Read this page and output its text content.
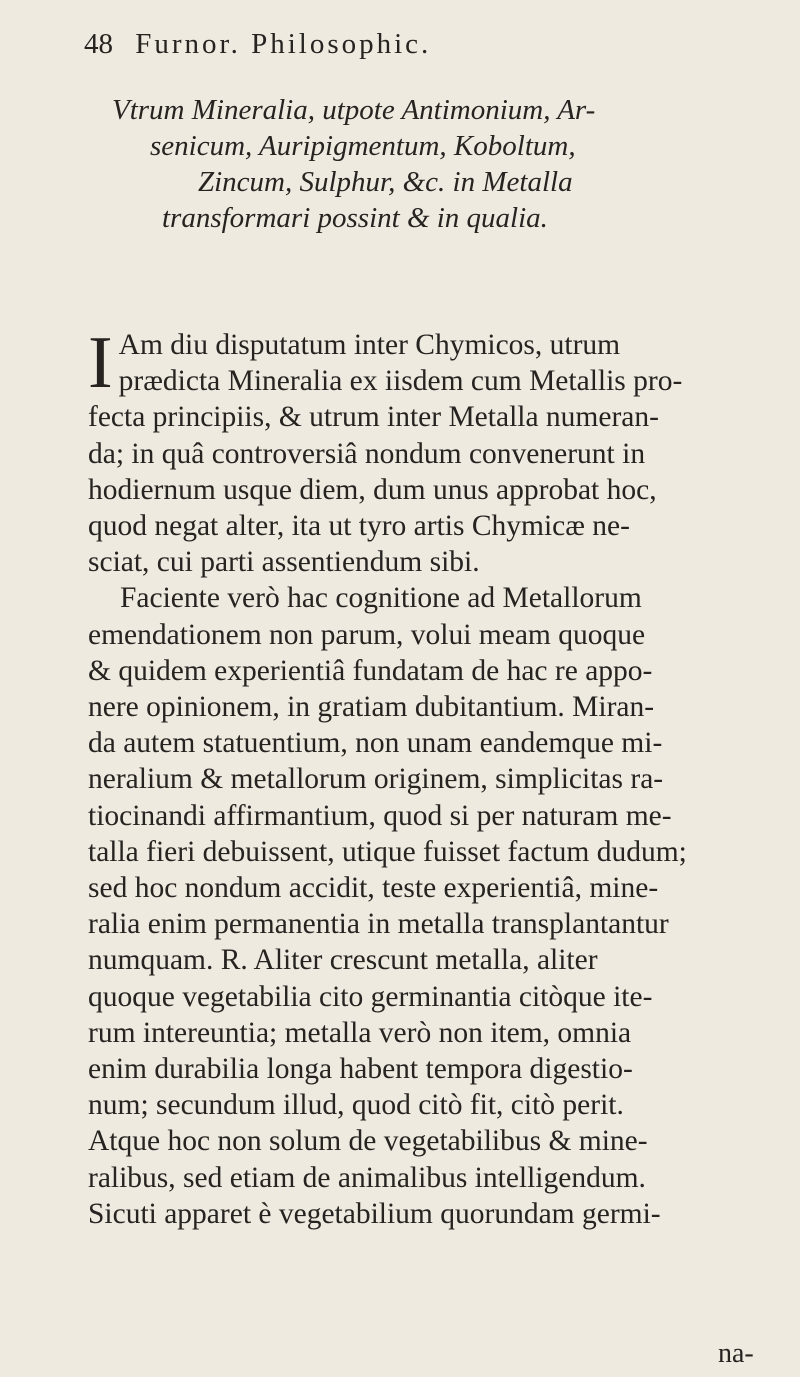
48 Furnor. Philosophic.
Vtrum Mineralia, utpote Antimonium, Ar-
senicum, Auripigmentum, Koboltum,
Zincum, Sulphur, &c. in Metalla
transformari possint & in qualia.
I Am diu disputatum inter Chymicos, utrum
prædicta Mineralia ex iisdem cum Metallis pro-
fecta principiis, & utrum inter Metalla numeran-
da; in quâ controversiâ nondum convenerunt in
hodiernum usque diem, dum unus approbat hoc,
quod negat alter, ita ut tyro artis Chymicæ ne-
sciat, cui parti assentiendum sibi.
Faciente verò hac cognitione ad Metallorum
emendationem non parum, volui meam quoque
& quidem experientiâ fundatam de hac re appo-
nere opinionem, in gratiam dubitantium. Miran-
da autem statuentium, non unam eandemque mi-
neralium & metallorum originem, simplicitas ra-
tiocinandi affirmantium, quod si per naturam me-
talla fieri debuissent, utique fuisset factum dudum;
sed hoc nondum accidit, teste experientiâ, mine-
ralia enim permanentia in metalla transplantantur
numquam. R. Aliter crescunt metalla, aliter
quoque vegetabilia cito germinantia citòque ite-
rum intereuntia; metalla verò non item, omnia
enim durabilia longa habent tempora digestio-
num; secundum illud, quod citò fit, citò perit.
Atque hoc non solum de vegetabilibus & mine-
ralibus, sed etiam de animalibus intelligendum.
Sicuti apparet è vegetabilium quorundam germi-
na-
